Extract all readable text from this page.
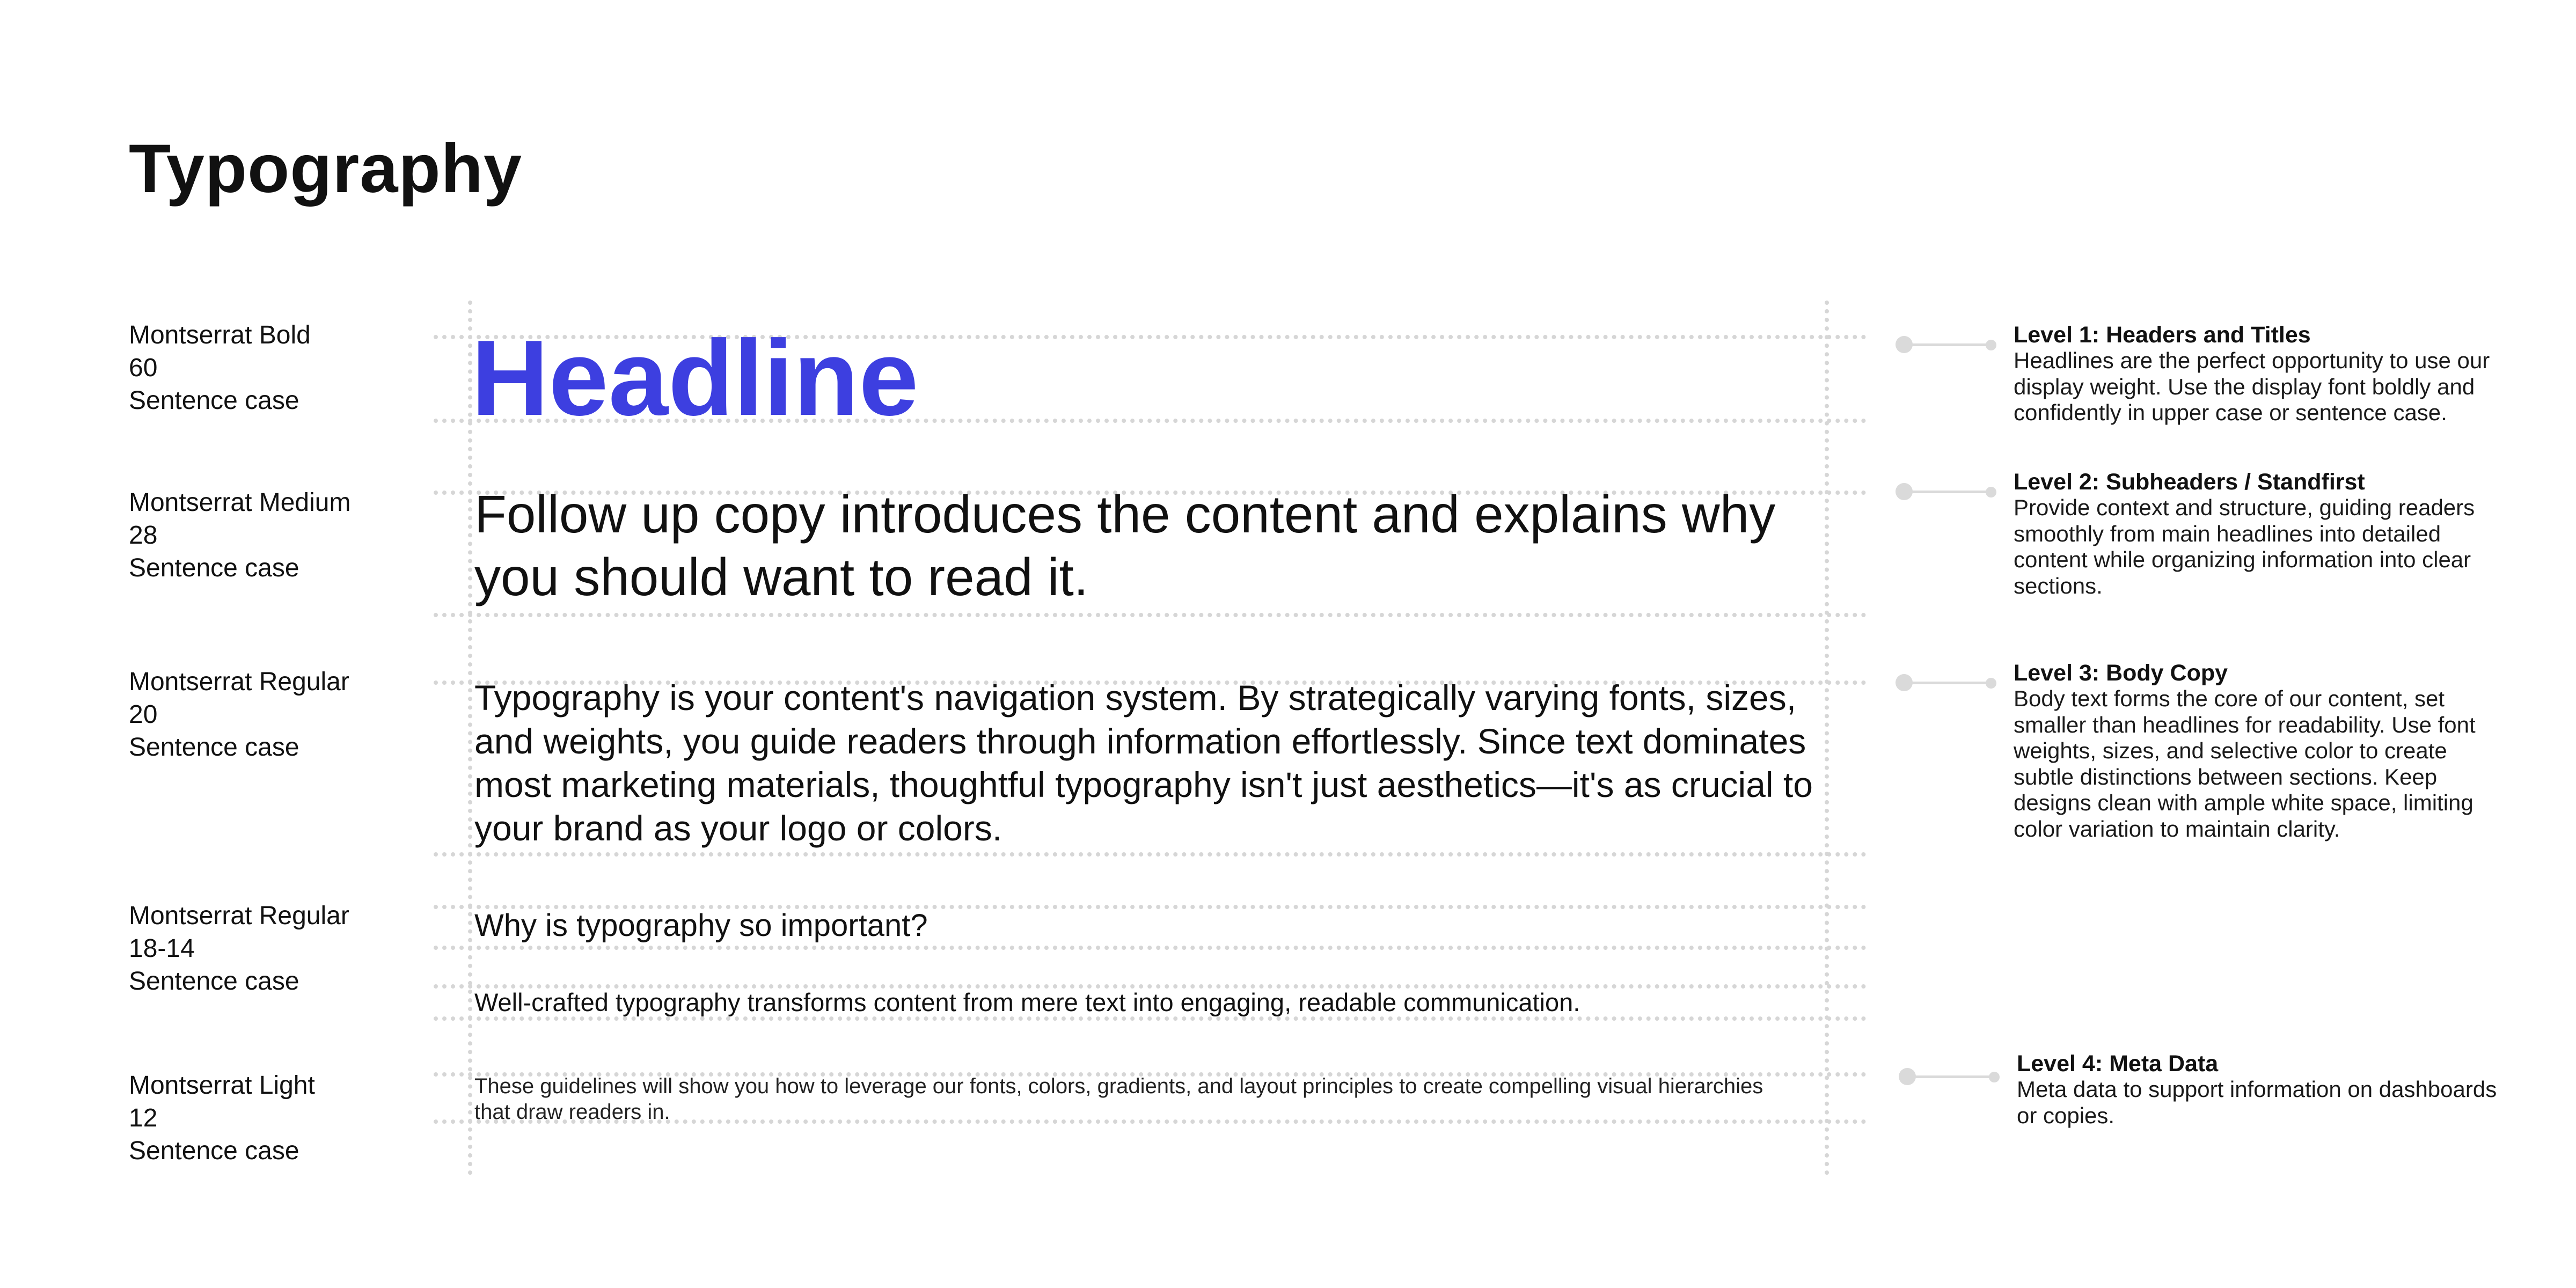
Typography
Montserrat Bold
60
Sentence case
Montserrat Medium
28
Sentence case
Montserrat Regular
20
Sentence case
Montserrat Regular
18-14
Sentence case
Montserrat Light
12
Sentence case
Headline

Follow up copy introduces the content and explains why you should want to read it.

Typography is your content's navigation system. By strategically varying fonts, sizes, and weights, you guide readers through information effortlessly. Since text dominates most marketing materials, thoughtful typography isn't just aesthetics—it's as crucial to your brand as your logo or colors.

Why is typography so important?

Well-crafted typography transforms content from mere text into engaging, readable communication.

These guidelines will show you how to leverage our fonts, colors, gradients, and layout principles to create compelling visual hierarchies that draw readers in.

Level 1: Headers and Titles

Headlines are the perfect opportunity to use our display weight. Use the display font boldly and confidently in upper case or sentence case.

Level 2: Subheaders / Standfirst

Provide context and structure, guiding readers smoothly from main headlines into detailed content while organizing information into clear sections.

Level 3: Body Copy

Body text forms the core of our content, set smaller than headlines for readability. Use font weights, sizes, and selective color to create subtle distinctions between sections. Keep designs clean with ample white space, limiting color variation to maintain clarity.

Level 4: Meta Data

Meta data to support information on dashboards or copies.
